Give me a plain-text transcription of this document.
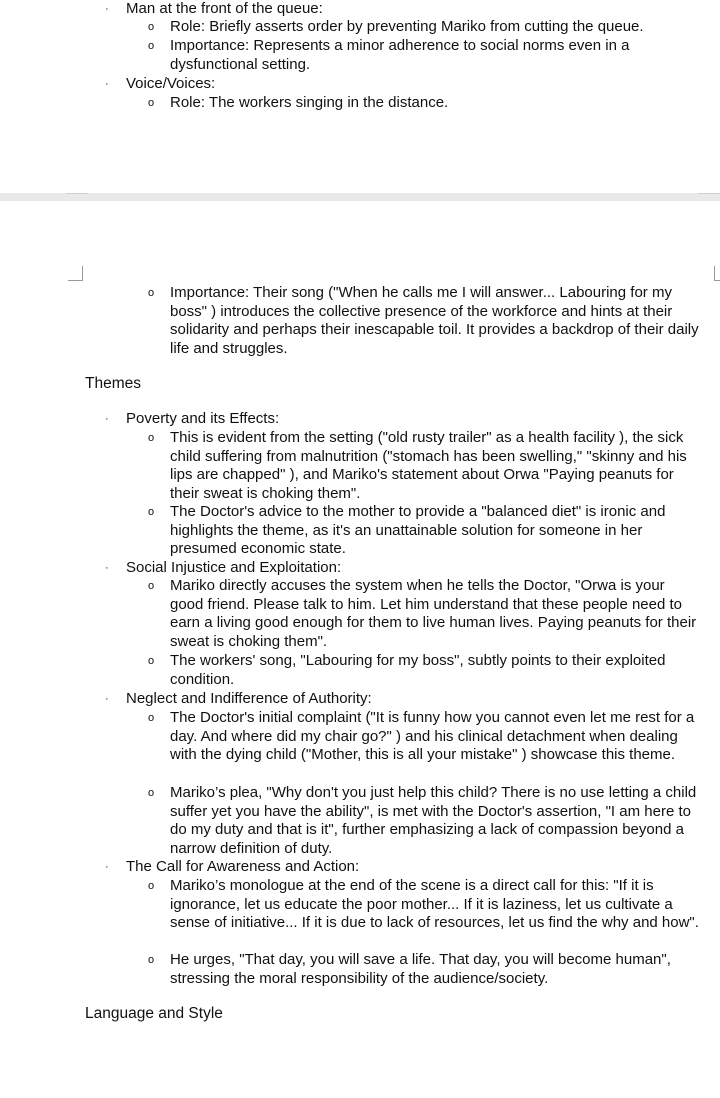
· Man at the front of the queue:
o Role: Briefly asserts order by preventing Mariko from cutting the queue.
o Importance: Represents a minor adherence to social norms even in a dysfunctional setting.
· Voice/Voices:
o Role: The workers singing in the distance.
o Importance: Their song ("When he calls me I will answer... Labouring for my boss" ) introduces the collective presence of the workforce and hints at their solidarity and perhaps their inescapable toil. It provides a backdrop of their daily life and struggles.
Themes
· Poverty and its Effects:
o This is evident from the setting ("old rusty trailer" as a health facility ), the sick child suffering from malnutrition ("stomach has been swelling," "skinny and his lips are chapped" ), and Mariko's statement about Orwa "Paying peanuts for their sweat is choking them".
o The Doctor's advice to the mother to provide a "balanced diet" is ironic and highlights the theme, as it's an unattainable solution for someone in her presumed economic state.
· Social Injustice and Exploitation:
o Mariko directly accuses the system when he tells the Doctor, "Orwa is your good friend. Please talk to him. Let him understand that these people need to earn a living good enough for them to live human lives. Paying peanuts for their sweat is choking them".
o The workers' song, "Labouring for my boss", subtly points to their exploited condition.
· Neglect and Indifference of Authority:
o The Doctor's initial complaint ("It is funny how you cannot even let me rest for a day. And where did my chair go?" ) and his clinical detachment when dealing with the dying child ("Mother, this is all your mistake" ) showcase this theme.
o Mariko’s plea, "Why don't you just help this child? There is no use letting a child suffer yet you have the ability", is met with the Doctor's assertion, "I am here to do my duty and that is it", further emphasizing a lack of compassion beyond a narrow definition of duty.
· The Call for Awareness and Action:
o Mariko’s monologue at the end of the scene is a direct call for this: "If it is ignorance, let us educate the poor mother... If it is laziness, let us cultivate a sense of initiative... If it is due to lack of resources, let us find the why and how".
o He urges, "That day, you will save a life. That day, you will become human", stressing the moral responsibility of the audience/society.
Language and Style
